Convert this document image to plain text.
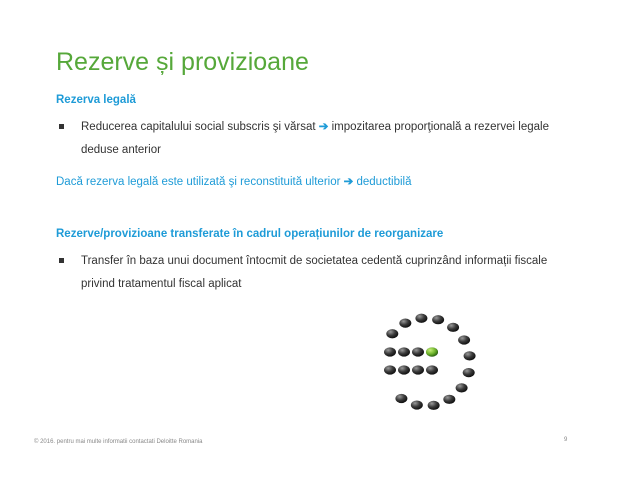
Rezerve și provizioane
Rezerva legală
Reducerea capitalului social subscris şi vărsat ➔ impozitarea proporţională a rezervei legale deduse anterior
Dacă rezerva legală este utilizată şi reconstituită ulterior ➔ deductibilă
Rezerve/provizioane transferate în cadrul operațiunilor de reorganizare
Transfer în baza unui document întocmit de societatea cedentă cuprinzând informații fiscale privind tratamentul fiscal aplicat
© 2016. pentru mai multe informatii contactati Deloitte Romania	9
